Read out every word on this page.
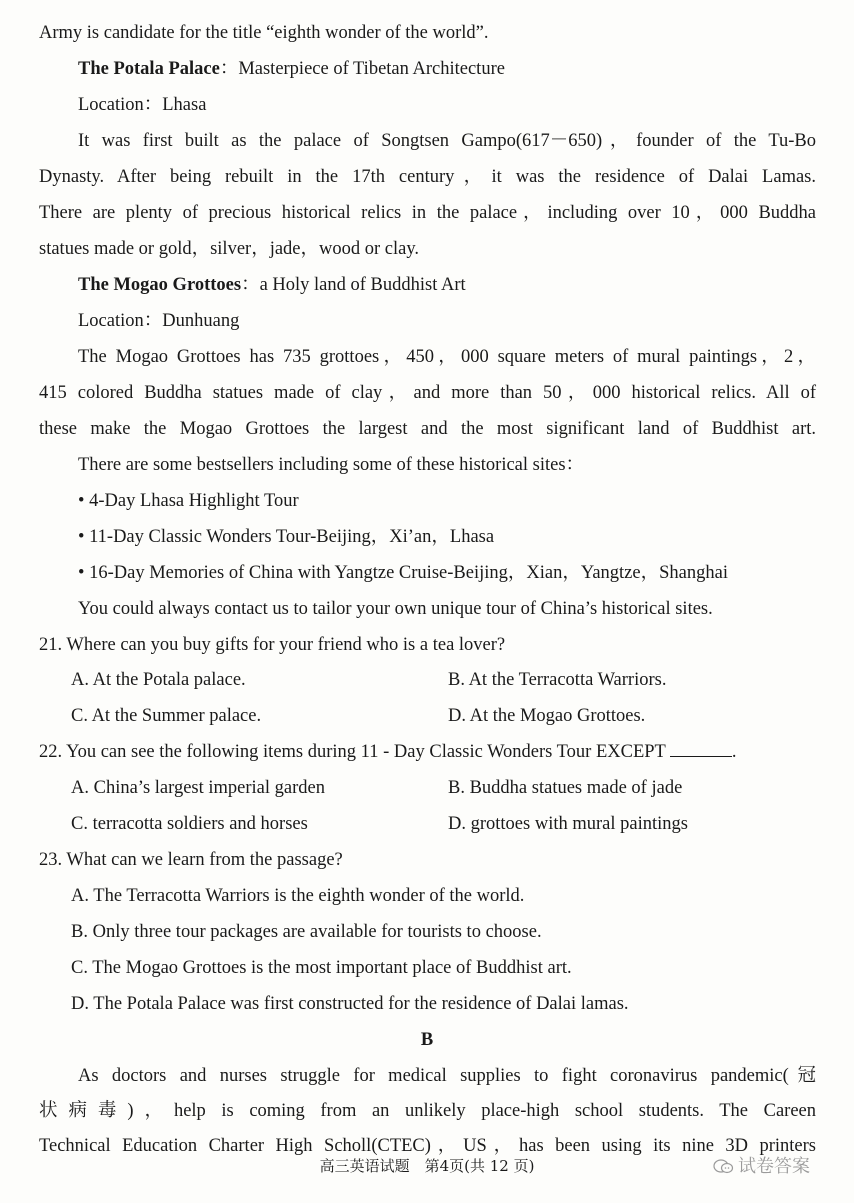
Army is candidate for the title “eighth wonder of the world”.
The Potala Palace：Masterpiece of Tibetan Architecture
Location：Lhasa
It was first built as the palace of Songtsen Gampo(617－650)，founder of the Tu-Bo
Dynasty. After being rebuilt in the 17th century，it was the residence of Dalai Lamas.
There are plenty of precious historical relics in the palace，including over 10，000 Buddha
statues made or gold，silver，jade，wood or clay.
The Mogao Grottoes：a Holy land of Buddhist Art
Location：Dunhuang
The Mogao Grottoes has 735 grottoes，450，000 square meters of mural paintings，2，
415 colored Buddha statues made of clay，and more than 50，000 historical relics. All of
these make the Mogao Grottoes the largest and the most significant land of Buddhist art.
There are some bestsellers including some of these historical sites：
• 4-Day Lhasa Highlight Tour
• 11-Day Classic Wonders Tour-Beijing，Xi’an，Lhasa
• 16-Day Memories of China with Yangtze Cruise-Beijing，Xian，Yangtze，Shanghai
You could always contact us to tailor your own unique tour of China’s historical sites.
21. Where can you buy gifts for your friend who is a tea lover?
A. At the Potala palace.	B. At the Terracotta Warriors.
C. At the Summer palace.	D. At the Mogao Grottoes.
22. You can see the following items during 11 - Day Classic Wonders Tour EXCEPT	.
A. China’s largest imperial garden	B. Buddha statues made of jade
C. terracotta soldiers and horses	D. grottoes with mural paintings
23. What can we learn from the passage?
A. The Terracotta Warriors is the eighth wonder of the world.
B. Only three tour packages are available for tourists to choose.
C. The Mogao Grottoes is the most important place of Buddhist art.
D. The Potala Palace was first constructed for the residence of Dalai lamas.
B
As doctors and nurses struggle for medical supplies to fight coronavirus pandemic(冠
状病毒)，help is coming from an unlikely place-high school students. The Careen
Technical Education Charter High Scholl(CTEC)，US，has been using its nine 3D printers
高三英语试题　第4页(共 12 页)	试卷答案
